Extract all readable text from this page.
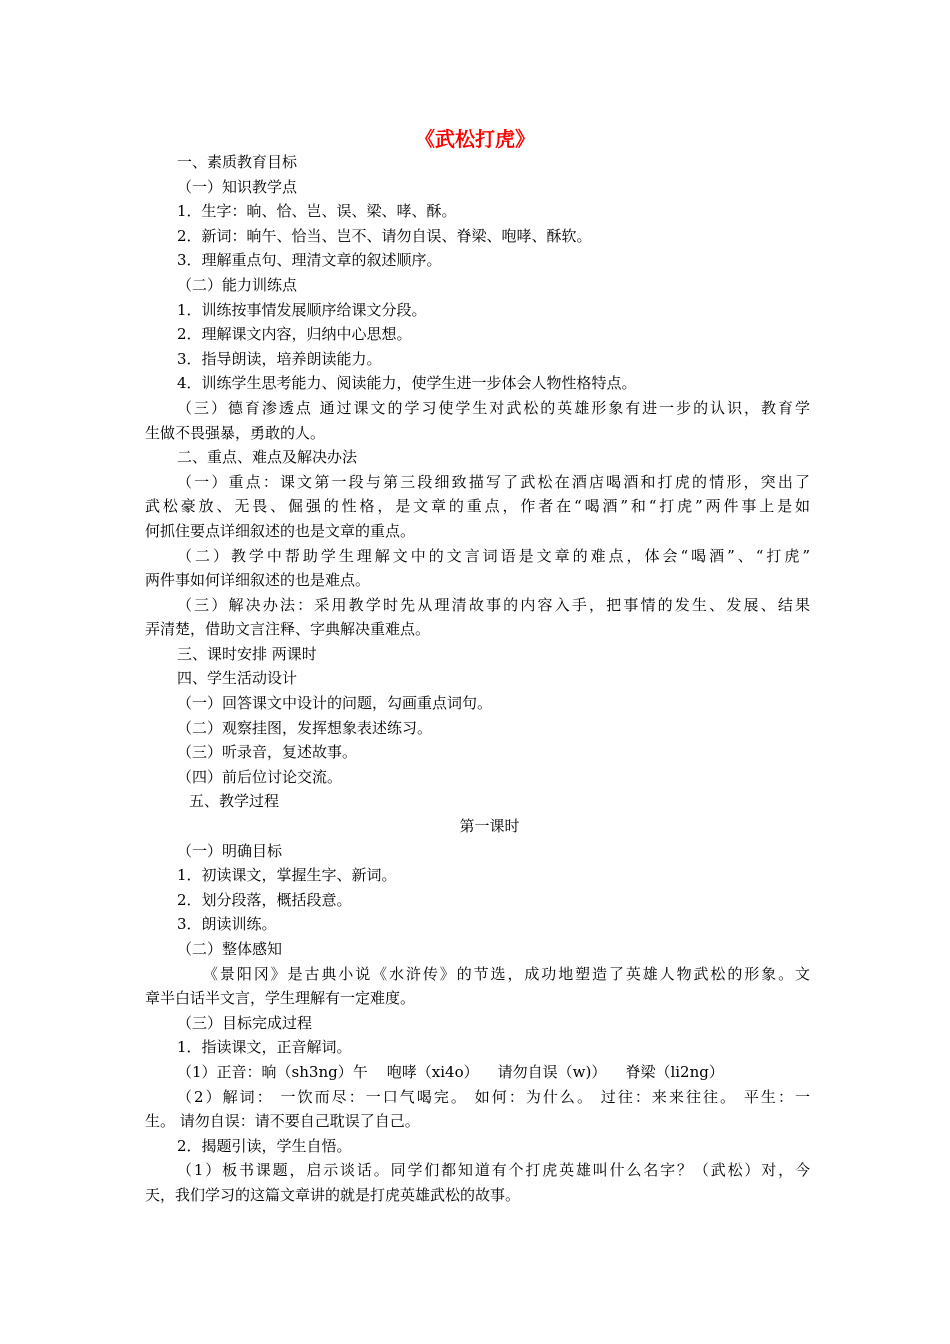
《武松打虎》
一、素质教育目标
（一）知识教学点
1．生字：晌、恰、岂、误、梁、哮、酥。
2．新词：晌午、恰当、岂不、请勿自误、脊梁、咆哮、酥软。
3．理解重点句、理清文章的叙述顺序。
（二）能力训练点
1．训练按事情发展顺序给课文分段。
2．理解课文内容，归纳中心思想。
3．指导朗读，培养朗读能力。
4．训练学生思考能力、阅读能力，使学生进一步体会人物性格特点。
（三）德育渗透点 通过课文的学习使学生对武松的英雄形象有进一步的认识，教育学
生做不畏强暴，勇敢的人。
二、重点、难点及解决办法
（一）重点：课文第一段与第三段细致描写了武松在酒店喝酒和打虎的情形，突出了
武松豪放、无畏、倔强的性格，是文章的重点，作者在“喝酒”和“打虎”两件事上是如
何抓住要点详细叙述的也是文章的重点。
（二）教学中帮助学生理解文中的文言词语是文章的难点，体会“喝酒”、“打虎”
两件事如何详细叙述的也是难点。
（三）解决办法：采用教学时先从理清故事的内容入手，把事情的发生、发展、结果
弄清楚，借助文言注释、字典解决重难点。
三、课时安排 两课时
四、学生活动设计
（一）回答课文中设计的问题，勾画重点词句。
（二）观察挂图，发挥想象表述练习。
（三）听录音，复述故事。
（四）前后位讨论交流。
五、教学过程
第一课时
（一）明确目标
1．初读课文，掌握生字、新词。
2．划分段落，概括段意。
3．朗读训练。
（二）整体感知
《景阳冈》是古典小说《水浒传》的节选，成功地塑造了英雄人物武松的形象。文
章半白话半文言，学生理解有一定难度。
（三）目标完成过程
1．指读课文，正音解词。
（1）正音：晌（sh3ng）午    咆哮（xi4o）    请勿自误（w)）    脊梁（li2ng）
（2）解词： 一饮而尽：一口气喝完。 如何：为什么。 过往：来来往往。 平生：一
生。 请勿自误：请不要自己耽误了自己。
2．揭题引读，学生自悟。
（1）板书课题，启示谈话。同学们都知道有个打虎英雄叫什么名字？（武松）对，今
天，我们学习的这篇文章讲的就是打虎英雄武松的故事。
